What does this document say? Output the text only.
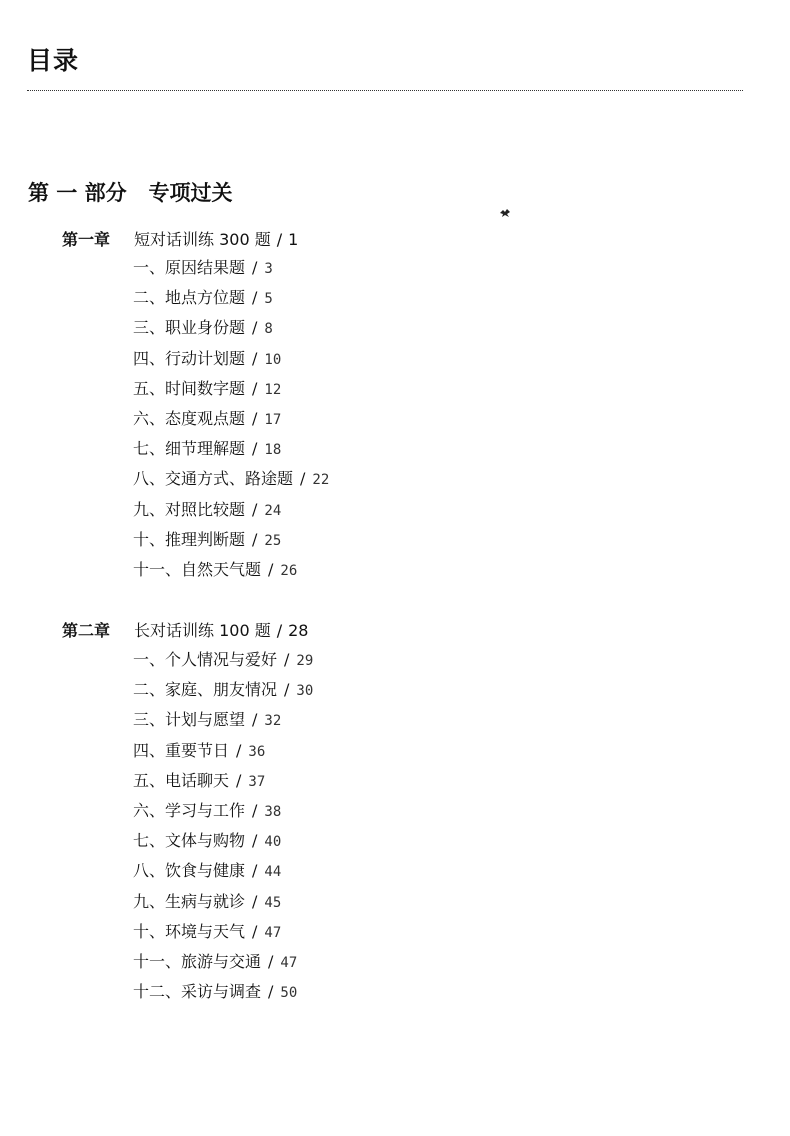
目录
第 一 部分   专项过关
第一章 短对话训练 300 题 / 1
一、原因结果题 / 3
二、地点方位题 / 5
三、职业身份题 / 8
四、行动计划题 / 10
五、时间数字题 / 12
六、态度观点题 / 17
七、细节理解题 / 18
八、交通方式、路途题 / 22
九、对照比较题 / 24
十、推理判断题 / 25
十一、自然天气题 / 26
第二章 长对话训练 100 题 / 28
一、个人情况与爱好 / 29
二、家庭、朋友情况 / 30
三、计划与愿望 / 32
四、重要节日 / 36
五、电话聊天 / 37
六、学习与工作 / 38
七、文体与购物 / 40
八、饮食与健康 / 44
九、生病与就诊 / 45
十、环境与天气 / 47
十一、旅游与交通 / 47
十二、采访与调查 / 50
